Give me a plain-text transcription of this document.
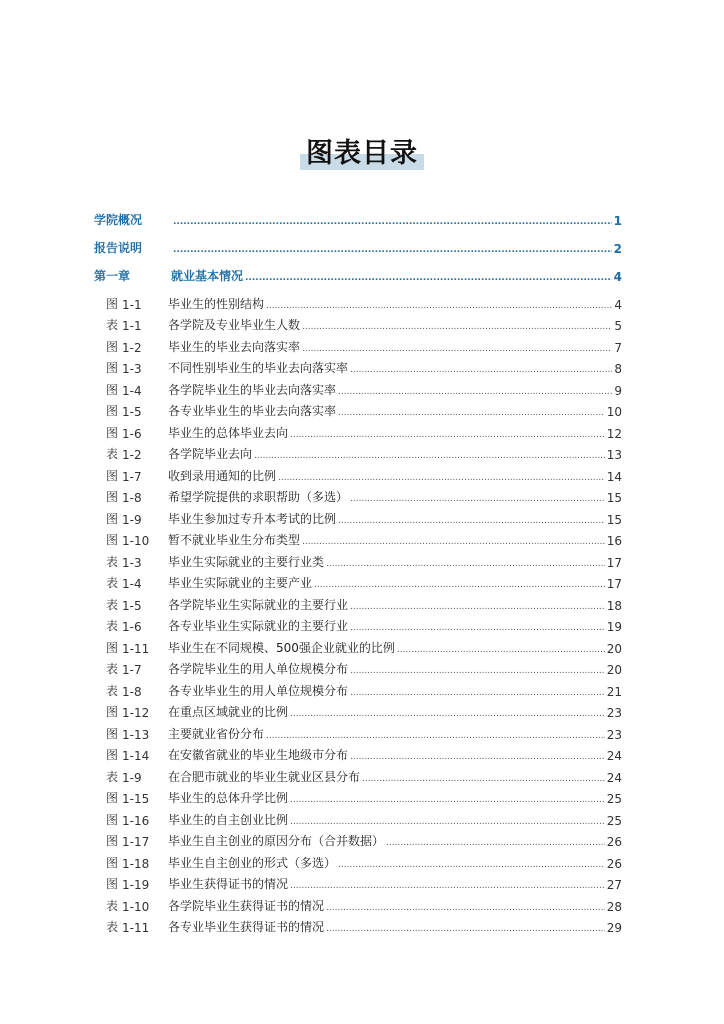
图表目录
学院概况 .....	1
报告说明 .....	2
第一章	就业基本情况 .....	4
图 1-1	毕业生的性别结构 .....	4
表 1-1	各学院及专业毕业生人数 .....	5
图 1-2	毕业生的毕业去向落实率 .....	7
图 1-3	不同性别毕业生的毕业去向落实率 .....	8
图 1-4	各学院毕业生的毕业去向落实率 .....	9
图 1-5	各专业毕业生的毕业去向落实率 .....	10
图 1-6	毕业生的总体毕业去向 .....	12
表 1-2	各学院毕业去向 .....	13
图 1-7	收到录用通知的比例 .....	14
图 1-8	希望学院提供的求职帮助（多选） .....	15
图 1-9	毕业生参加过专升本考试的比例 .....	15
图 1-10	暂不就业毕业生分布类型 .....	16
表 1-3	毕业生实际就业的主要行业类 .....	17
表 1-4	毕业生实际就业的主要产业 .....	17
表 1-5	各学院毕业生实际就业的主要行业 .....	18
表 1-6	各专业毕业生实际就业的主要行业 .....	19
图 1-11	毕业生在不同规模、500强企业就业的比例 .....	20
表 1-7	各学院毕业生的用人单位规模分布 .....	20
表 1-8	各专业毕业生的用人单位规模分布 .....	21
图 1-12	在重点区域就业的比例 .....	23
图 1-13	主要就业省份分布 .....	23
图 1-14	在安徽省就业的毕业生地级市分布 .....	24
表 1-9	在合肥市就业的毕业生就业区县分布 .....	24
图 1-15	毕业生的总体升学比例 .....	25
图 1-16	毕业生的自主创业比例 .....	25
图 1-17	毕业生自主创业的原因分布（合并数据） .....	26
图 1-18	毕业生自主创业的形式（多选） .....	26
图 1-19	毕业生获得证书的情况 .....	27
表 1-10	各学院毕业生获得证书的情况 .....	28
表 1-11	各专业毕业生获得证书的情况 .....	29
